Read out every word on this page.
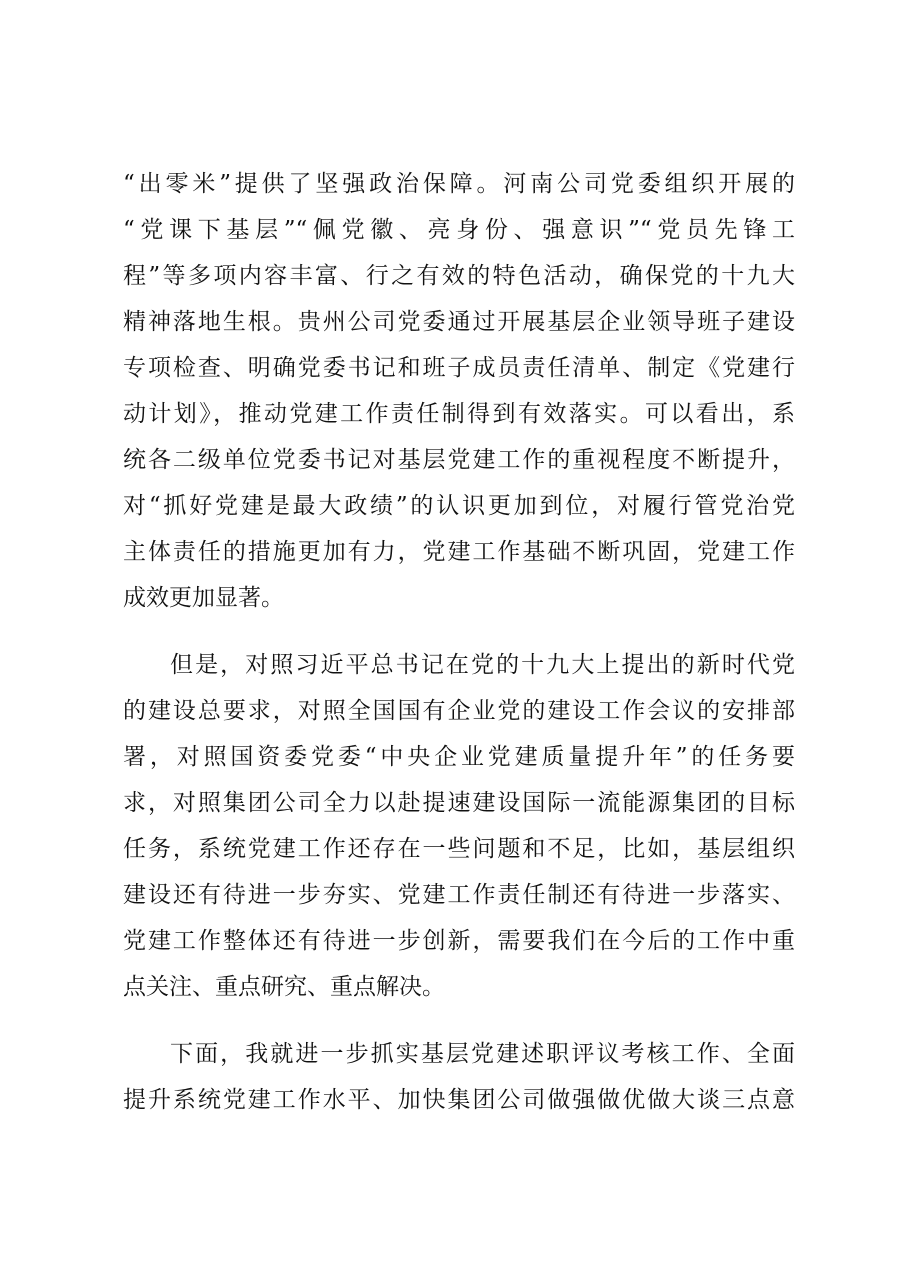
“出零米”提供了坚强政治保障。河南公司党委组织开展的
“党课下基层”“佩党徽、亮身份、强意识”“党员先锋工
程”等多项内容丰富、行之有效的特色活动，确保党的十九大
精神落地生根。贵州公司党委通过开展基层企业领导班子建设
专项检查、明确党委书记和班子成员责任清单、制定《党建行
动计划》，推动党建工作责任制得到有效落实。可以看出，系
统各二级单位党委书记对基层党建工作的重视程度不断提升，
对“抓好党建是最大政绩”的认识更加到位，对履行管党治党
主体责任的措施更加有力，党建工作基础不断巩固，党建工作
成效更加显著。
但是，对照习近平总书记在党的十九大上提出的新时代党
的建设总要求，对照全国国有企业党的建设工作会议的安排部
署，对照国资委党委“中央企业党建质量提升年”的任务要
求，对照集团公司全力以赴提速建设国际一流能源集团的目标
任务，系统党建工作还存在一些问题和不足，比如，基层组织
建设还有待进一步夯实、党建工作责任制还有待进一步落实、
党建工作整体还有待进一步创新，需要我们在今后的工作中重
点关注、重点研究、重点解决。
下面，我就进一步抓实基层党建述职评议考核工作、全面
提升系统党建工作水平、加快集团公司做强做优做大谈三点意
